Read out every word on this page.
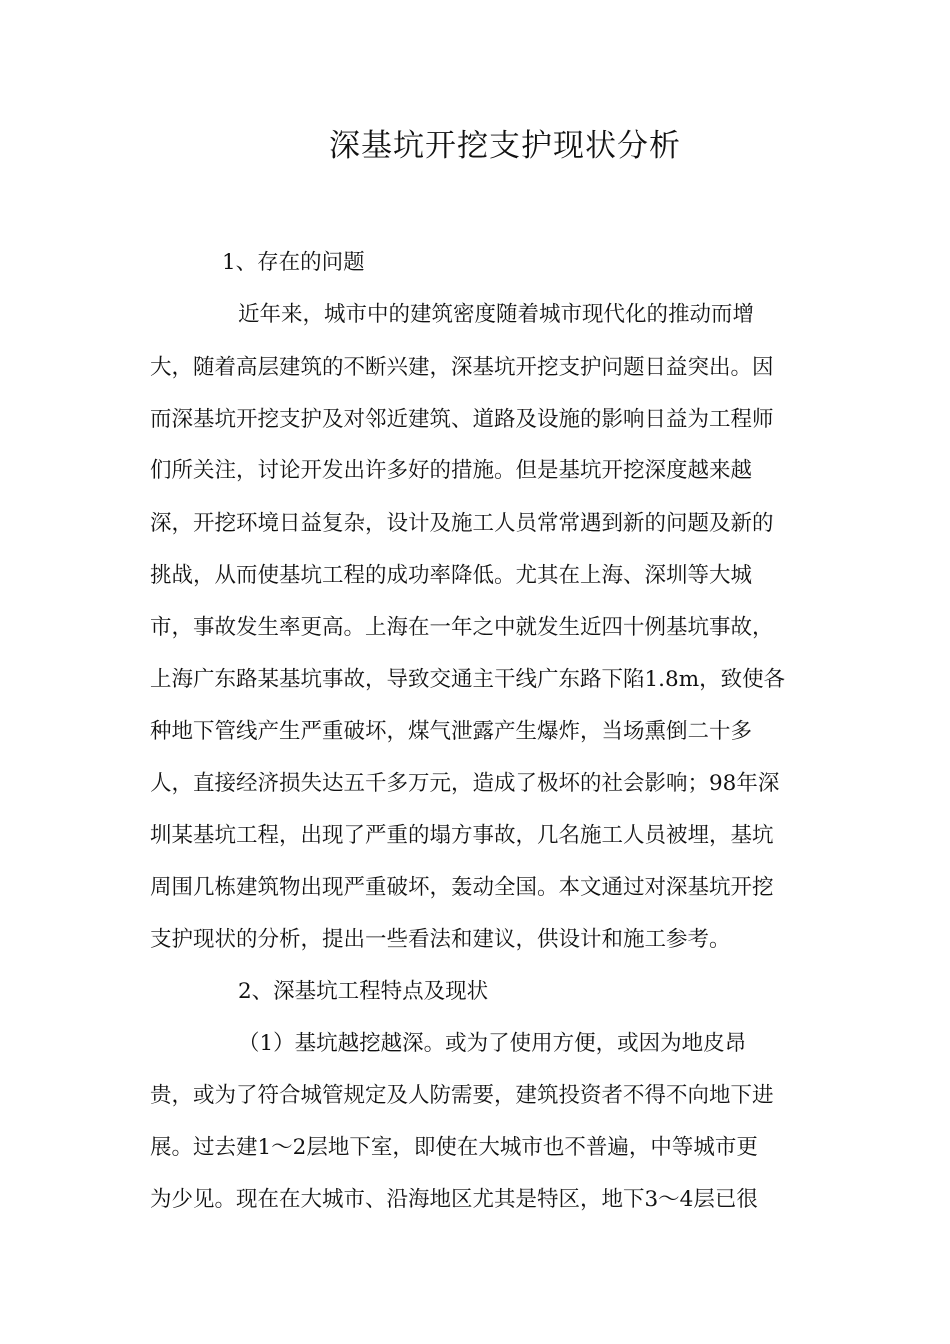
深基坑开挖支护现状分析
1、存在的问题
近年来，城市中的建筑密度随着城市现代化的推动而增
大，随着高层建筑的不断兴建，深基坑开挖支护问题日益突出。因
而深基坑开挖支护及对邻近建筑、道路及设施的影响日益为工程师
们所关注，讨论开发出许多好的措施。但是基坑开挖深度越来越
深，开挖环境日益复杂，设计及施工人员常常遇到新的问题及新的
挑战，从而使基坑工程的成功率降低。尤其在上海、深圳等大城
市，事故发生率更高。上海在一年之中就发生近四十例基坑事故，
上海广东路某基坑事故，导致交通主干线广东路下陷1.8m，致使各
种地下管线产生严重破坏，煤气泄露产生爆炸，当场熏倒二十多
人，直接经济损失达五千多万元，造成了极坏的社会影响；98年深
圳某基坑工程，出现了严重的塌方事故，几名施工人员被埋，基坑
周围几栋建筑物出现严重破坏，轰动全国。本文通过对深基坑开挖
支护现状的分析，提出一些看法和建议，供设计和施工参考。
2、深基坑工程特点及现状
（1）基坑越挖越深。或为了使用方便，或因为地皮昂
贵，或为了符合城管规定及人防需要，建筑投资者不得不向地下进
展。过去建1～2层地下室，即使在大城市也不普遍，中等城市更
为少见。现在在大城市、沿海地区尤其是特区，地下3～4层已很
